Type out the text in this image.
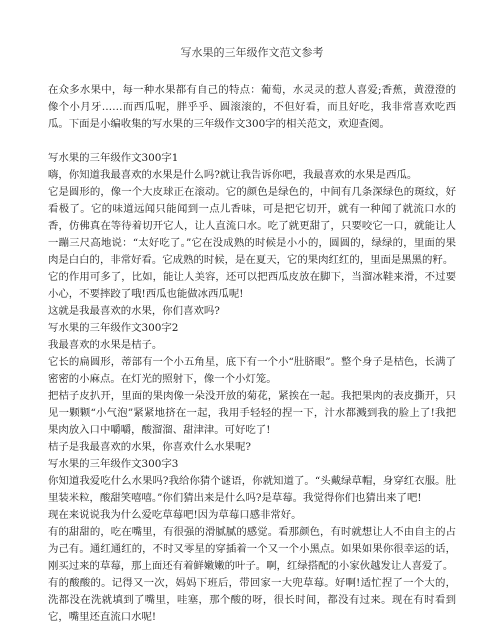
写水果的三年级作文范文参考

在众多水果中，每一种水果都有自己的特点：葡萄，水灵灵的惹人喜爱;香蕉，黄澄澄的像个小月牙……而西瓜呢，胖乎乎、圆滚滚的，不但好看，而且好吃，我非常喜欢吃西瓜。下面是小编收集的写水果的三年级作文300字的相关范文，欢迎查阅。

写水果的三年级作文300字1

嗨，你知道我最喜欢的水果是什么吗?就让我告诉你吧，我最喜欢的水果是西瓜。

它是圆形的，像一个大皮球正在滚动。它的颜色是绿色的，中间有几条深绿色的斑纹，好看极了。它的味道远闻只能闻到一点儿香味，可是把它切开，就有一种闻了就流口水的香，仿佛真在等待着切开它人，让人直流口水。吃了就更甜了，只要咬它一口，就能让人一蹦三尺高地说：“太好吃了。”它在没成熟的时候是小小的，圆圆的，绿绿的，里面的果肉是白白的，非常好看。它成熟的时候，是在夏天，它的果肉红红的，里面是黑黑的籽。

它的作用可多了，比如，能让人美容，还可以把西瓜皮放在脚下，当溜冰鞋来滑，不过要小心，不要摔跤了哦!西瓜也能做冰西瓜呢!

这就是我最喜欢的水果，你们喜欢吗?

写水果的三年级作文300字2

我最喜欢的水果是桔子。

它长的扁圆形，蒂部有一个小五角星，底下有一个小“肚脐眼”。整个身子是桔色，长满了密密的小麻点。在灯光的照射下，像一个小灯笼。

把桔子皮扒开，里面的果肉像一朵没开放的菊花，紧挨在一起。我把果肉的表皮撕开，只见一颗颗“小气泡”紧紧地挤在一起，我用手轻轻的捏一下，汁水都溅到我的脸上了!我把果肉放入口中嚼嚼，酸溜溜、甜津津。可好吃了!

桔子是我最喜欢的水果，你喜欢什么水果呢?

写水果的三年级作文300字3

你知道我爱吃什么水果吗?我给你猜个谜语，你就知道了。“头戴绿草帽，身穿红衣服。肚里装米粒，酸甜笑嘻嘻。”你们猜出来是什么吗?是草莓。我觉得你们也猜出来了吧!

现在来说说我为什么爱吃草莓吧!因为草莓口感非常好。

有的甜甜的，吃在嘴里，有很强的滑腻腻的感觉。看那颜色，有时就想让人不由自主的占为己有。通红通红的，不时又零星的穿插着一个又一个小黑点。如果如果你很幸运的话，刚买过来的草莓，那上面还有着鲜嫩嫩的叶子。啊，红绿搭配的小家伙越发让人喜爱了。

有的酸酸的。记得又一次，妈妈下班后，带回家一大兜草莓。好啊!适忙捏了一个大的，洗都没在洗就填到了嘴里，哇塞，那个酸的呀，很长时间，都没有过来。现在有时看到它，嘴里还直流口水呢!
